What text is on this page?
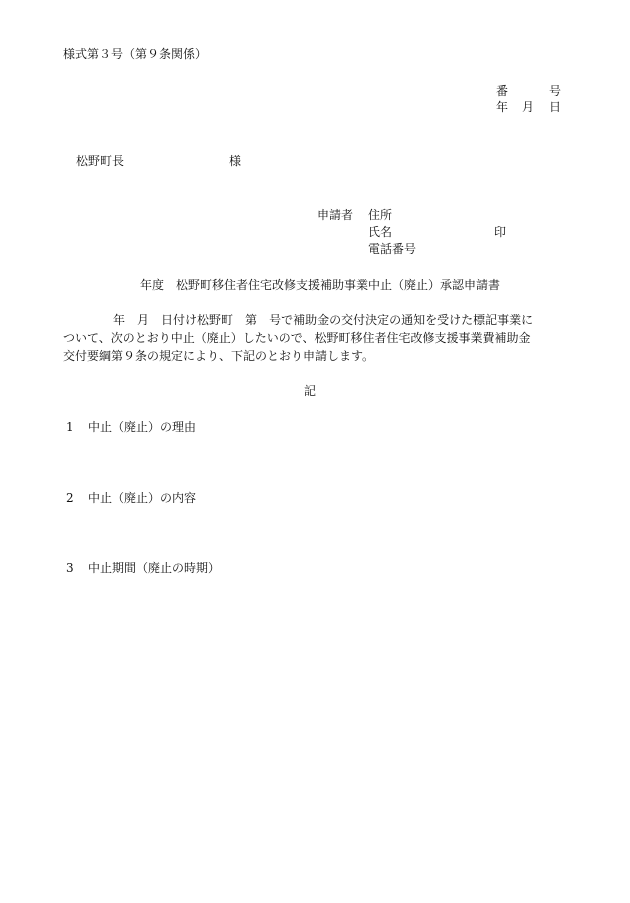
様式第３号（第９条関係）
番	号
年 月 日
松野町長	様
申請者 住所
氏名	印
電話番号
年度 松野町移住者住宅改修支援補助事業中止（廃止）承認申請書
年 月 日付け松野町 第 号で補助金の交付決定の通知を受けた標記事業に
ついて、次のとおり中止（廃止）したいので、松野町移住者住宅改修支援事業費補助金
交付要綱第９条の規定により、下記のとおり申請します。
記
1 中止（廃止）の理由
2 中止（廃止）の内容
3 中止期間（廃止の時期）
